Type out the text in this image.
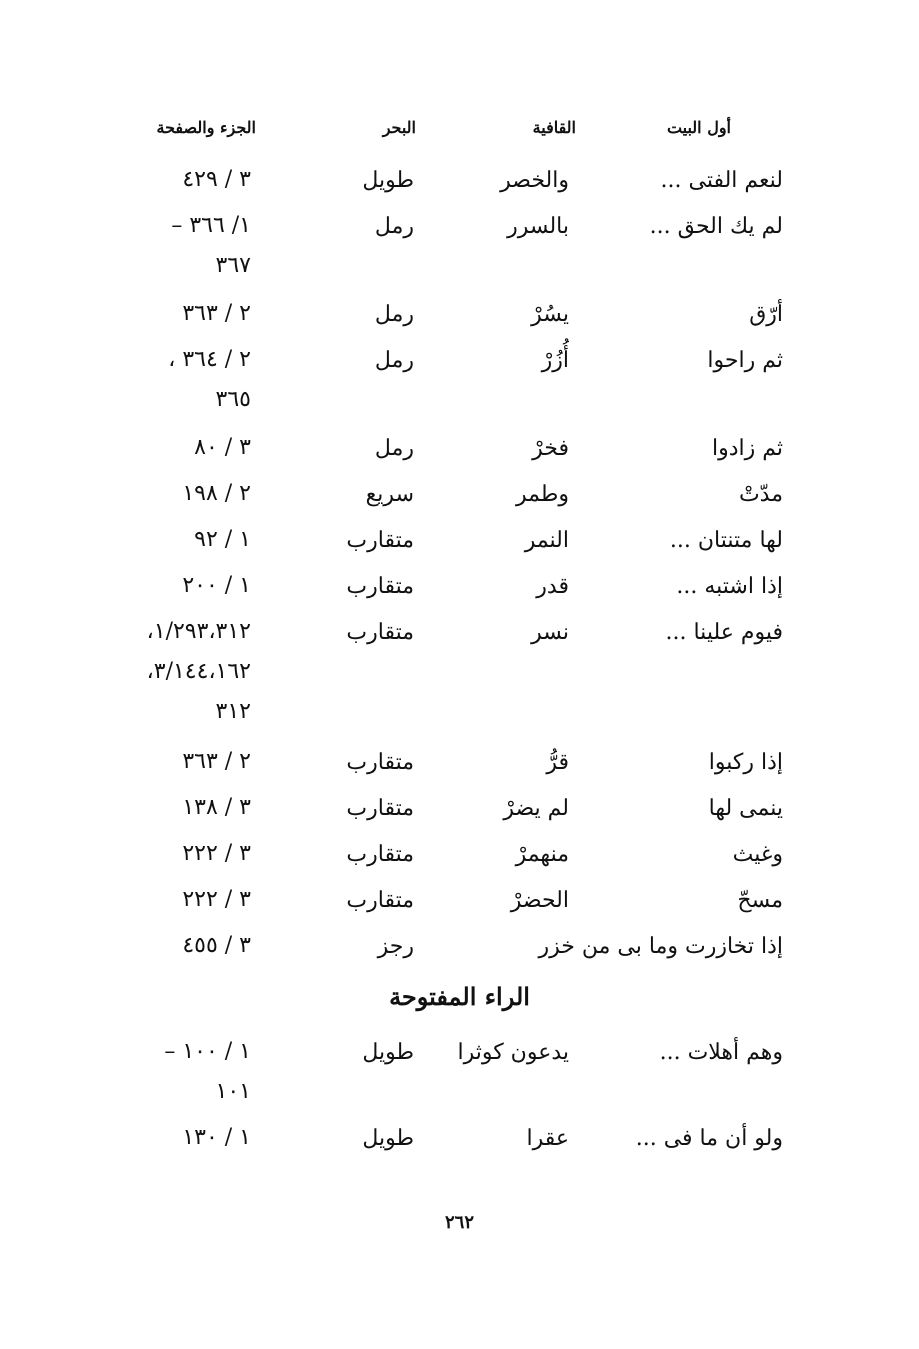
أول البيت
القافية
البحر
الجزء والصفحة
لنعم الفتى ...
والخصر
طويل
٣ / ٤٢٩
لم يك الحق ...
بالسرر
رمل
١/ ٣٦٦ –
٣٦٧
أرّق
يسُرْ
رمل
٢ / ٣٦٣
ثم راحوا
أُزُرْ
رمل
٢ / ٣٦٤ ،
٣٦٥
ثم زادوا
فخرْ
رمل
٣ / ٨٠
مدّتْ
وطمر
سريع
٢ / ١٩٨
لها متنتان ...
النمر
متقارب
١ / ٩٢
إذا اشتبه ...
قدر
متقارب
١ / ٢٠٠
فيوم علينا ...
نسر
متقارب
١/٢٩٣،٣١٢،
٣/١٤٤،١٦٢،
٣١٢
إذا ركبوا
قرُّ
متقارب
٢ / ٣٦٣
ينمى لها
لم يضرْ
متقارب
٣ / ١٣٨
وغيث
منهمرْ
متقارب
٣ / ٢٢٢
مسحّ
الحضرْ
متقارب
٣ / ٢٢٢
إذا تخازرت وما بى من خزر
رجز
٣ / ٤٥٥
الراء المفتوحة
وهم أهلات ...
يدعون كوثرا
طويل
١ / ١٠٠ –
١٠١
ولو أن ما فى ...
عقرا
طويل
١ / ١٣٠
٢٦٢
